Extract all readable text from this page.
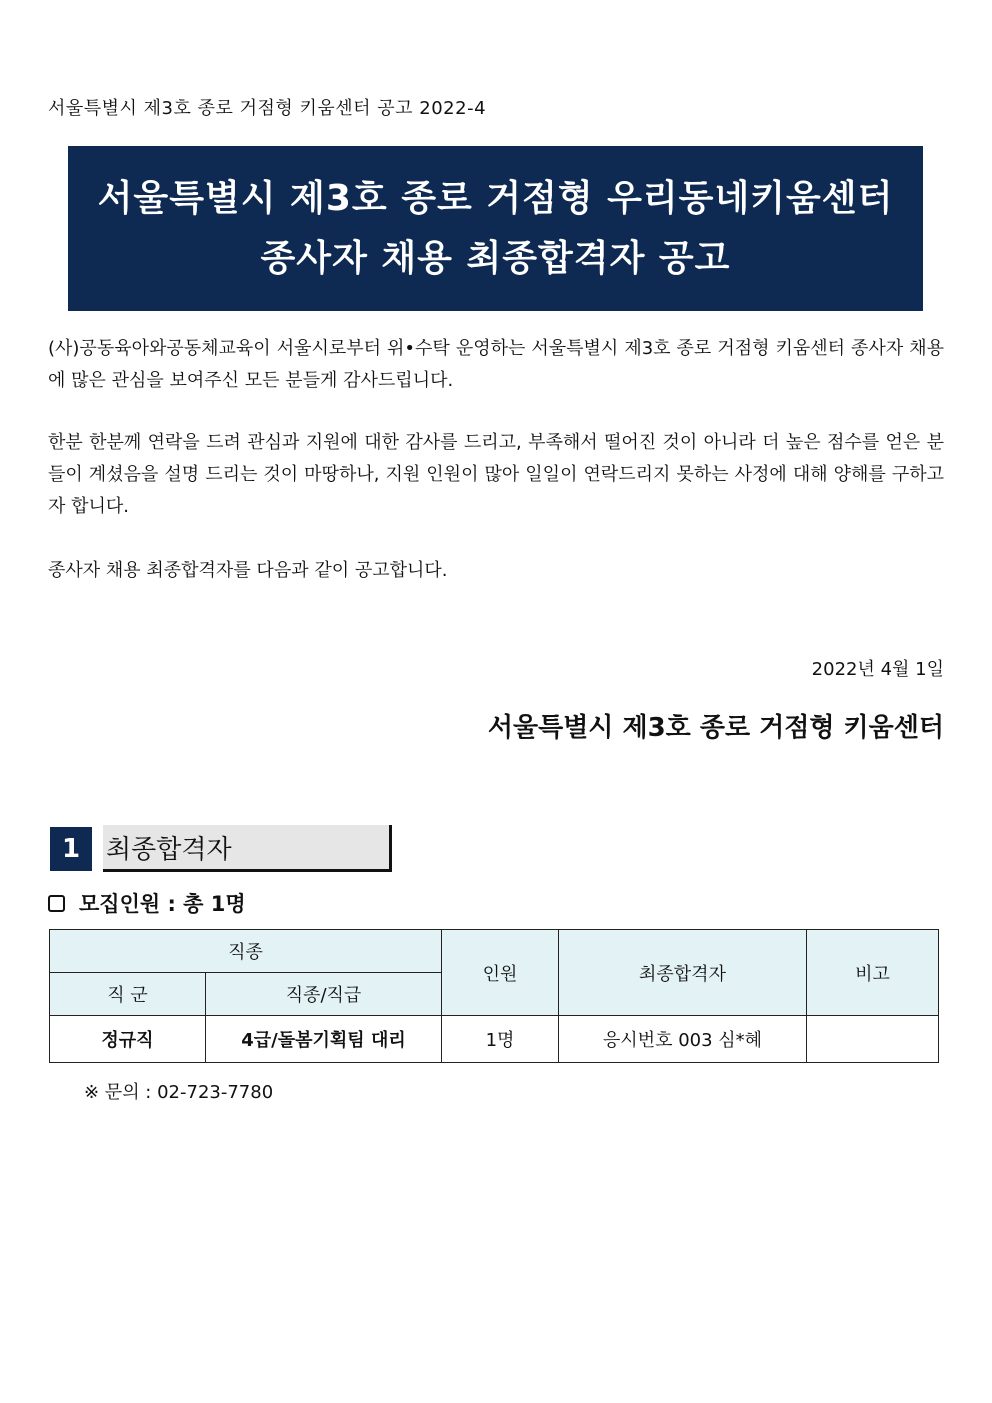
서울특별시 제3호 종로 거점형 키움센터 공고 2022-4
서울특별시 제3호 종로 거점형 우리동네키움센터
종사자 채용 최종합격자 공고

(사)공동육아와공동체교육이 서울시로부터 위•수탁 운영하는 서울특별시 제3호 종로 거점형 키움센터 종사자 채용에 많은 관심을 보여주신 모든 분들게 감사드립니다.

한분 한분께 연락을 드려 관심과 지원에 대한 감사를 드리고, 부족해서 떨어진 것이 아니라 더 높은 점수를 얻은 분들이 계셨음을 설명 드리는 것이 마땅하나, 지원 인원이 많아 일일이 연락드리지 못하는 사정에 대해 양해를 구하고자 합니다.

종사자 채용 최종합격자를 다음과 같이 공고합니다.

2022년 4월 1일
서울특별시 제3호 종로 거점형 키움센터
1 최종합격자
모집인원 : 총 1명
직종		인원	최종합격자	비고
직 군	직종/직급			
정규직	4급/돌봄기획팀 대리	1명	응시번호 003 심*혜	
※ 문의 : 02-723-7780
